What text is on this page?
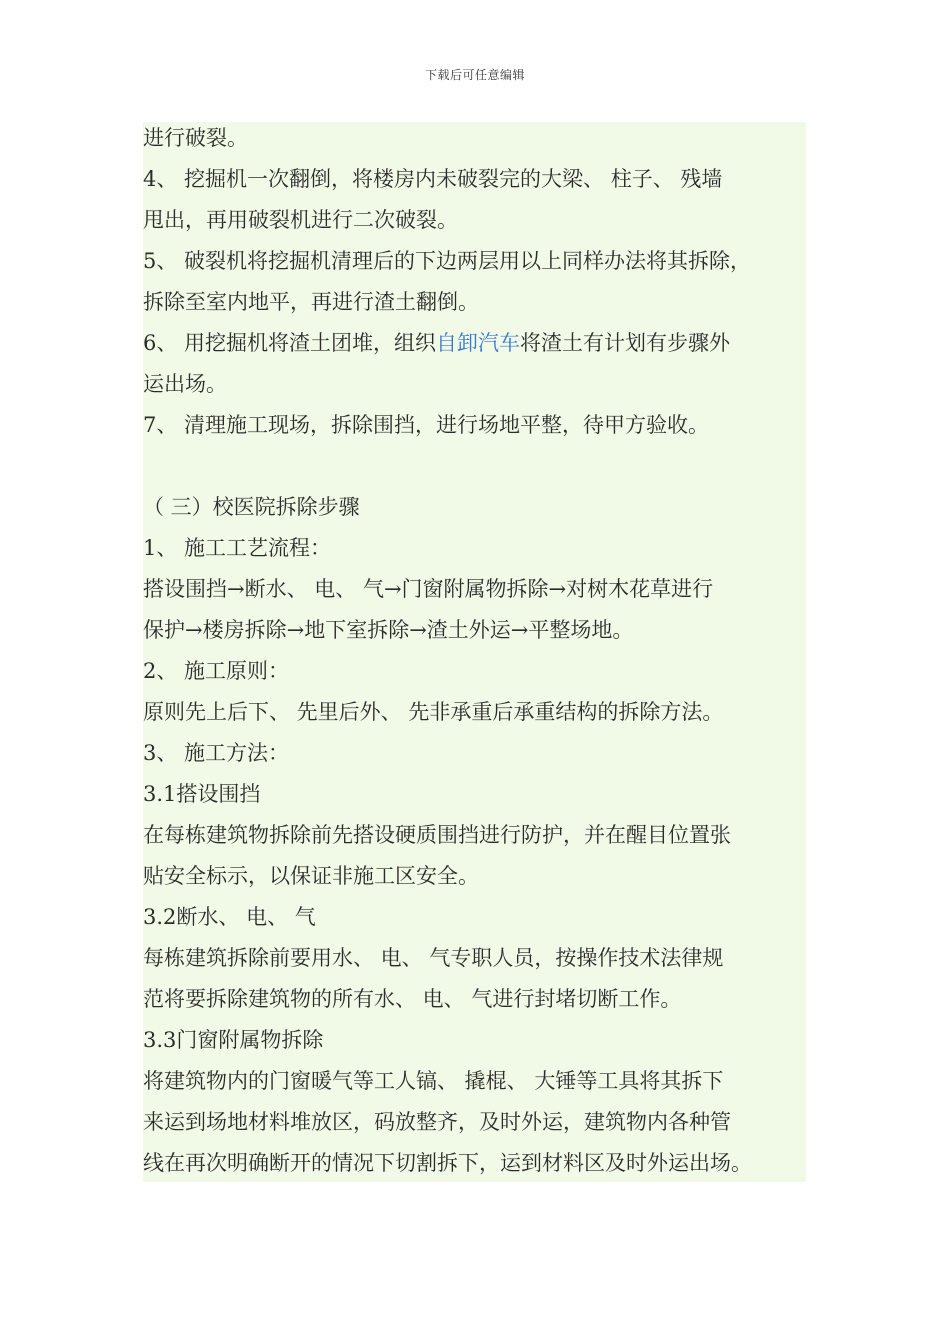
下载后可任意编辑
进行破裂。
4、 挖掘机一次翻倒，将楼房内未破裂完的大梁、 柱子、 残墙
甩出，再用破裂机进行二次破裂。
5、 破裂机将挖掘机清理后的下边两层用以上同样办法将其拆除，
拆除至室内地平，再进行渣土翻倒。
6、 用挖掘机将渣土团堆，组织自卸汽车将渣土有计划有步骤外
运出场。
7、 清理施工现场，拆除围挡，进行场地平整，待甲方验收。
（ 三）校医院拆除步骤
1、 施工工艺流程：
搭设围挡→断水、 电、 气→门窗附属物拆除→对树木花草进行
保护→楼房拆除→地下室拆除→渣土外运→平整场地。
2、 施工原则：
原则先上后下、 先里后外、 先非承重后承重结构的拆除方法。
3、 施工方法：
3.1搭设围挡
在每栋建筑物拆除前先搭设硬质围挡进行防护，并在醒目位置张
贴安全标示，以保证非施工区安全。
3.2断水、 电、 气
每栋建筑拆除前要用水、 电、 气专职人员，按操作技术法律规
范将要拆除建筑物的所有水、 电、 气进行封堵切断工作。
3.3门窗附属物拆除
将建筑物内的门窗暖气等工人镐、 撬棍、 大锤等工具将其拆下
来运到场地材料堆放区，码放整齐，及时外运，建筑物内各种管
线在再次明确断开的情况下切割拆下，运到材料区及时外运出场。
